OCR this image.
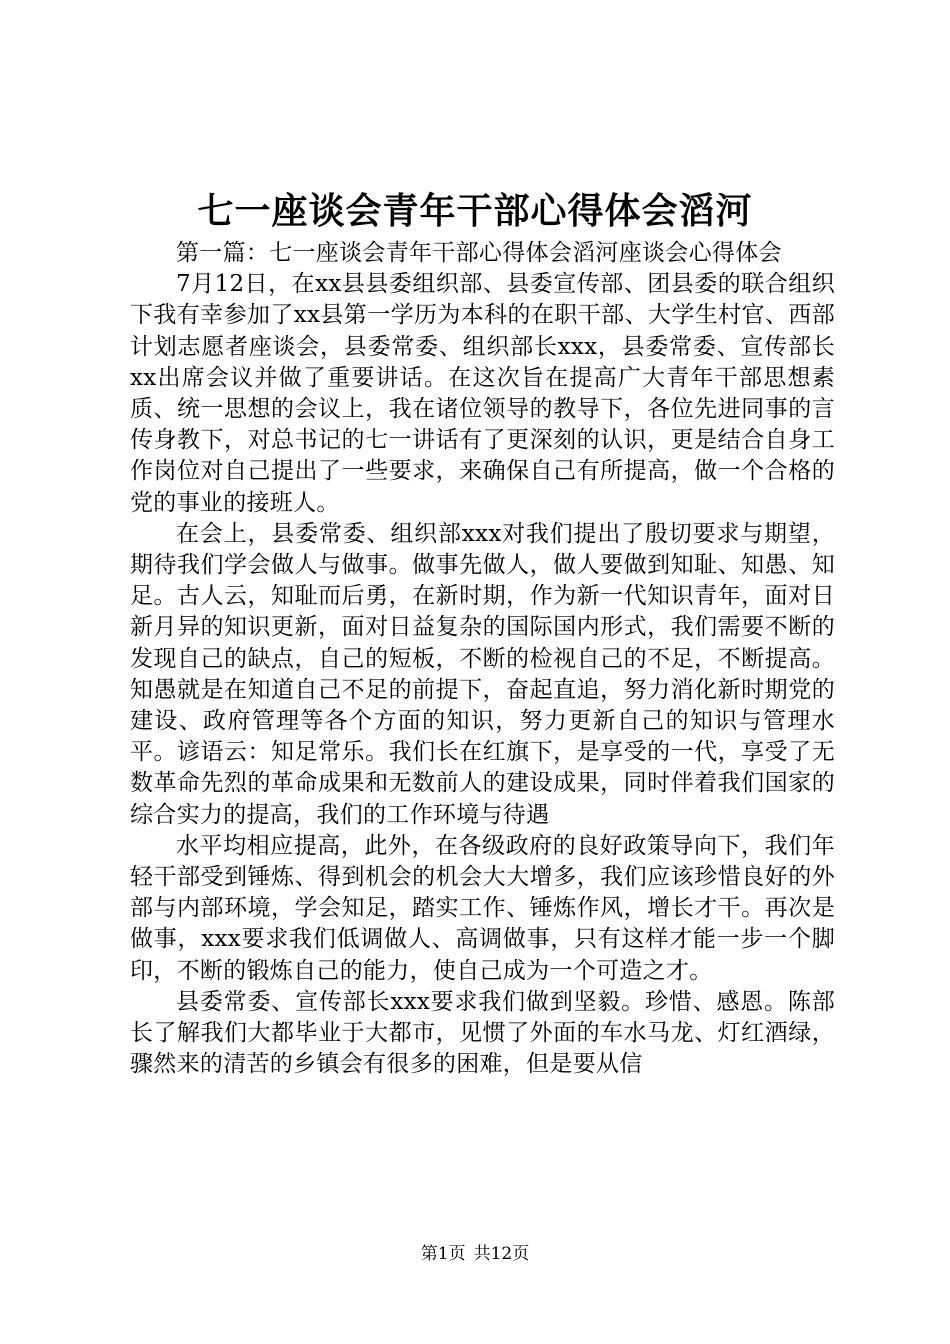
七一座谈会青年干部心得体会滔河

第一篇：七一座谈会青年干部心得体会滔河座谈会心得体会

7月12日，在xx县县委组织部、县委宣传部、团县委的联合组织下我有幸参加了xx县第一学历为本科的在职干部、大学生村官、西部计划志愿者座谈会，县委常委、组织部长xxx，县委常委、宣传部长xx出席会议并做了重要讲话。在这次旨在提高广大青年干部思想素质、统一思想的会议上，我在诸位领导的教导下，各位先进同事的言传身教下，对总书记的七一讲话有了更深刻的认识，更是结合自身工作岗位对自己提出了一些要求，来确保自己有所提高，做一个合格的党的事业的接班人。

在会上，县委常委、组织部xxx对我们提出了殷切要求与期望，期待我们学会做人与做事。做事先做人，做人要做到知耻、知愚、知足。古人云，知耻而后勇，在新时期，作为新一代知识青年，面对日新月异的知识更新，面对日益复杂的国际国内形式，我们需要不断的发现自己的缺点，自己的短板，不断的检视自己的不足，不断提高。知愚就是在知道自己不足的前提下，奋起直追，努力消化新时期党的建设、政府管理等各个方面的知识，努力更新自己的知识与管理水平。谚语云：知足常乐。我们长在红旗下，是享受的一代，享受了无数革命先烈的革命成果和无数前人的建设成果，同时伴着我们国家的综合实力的提高，我们的工作环境与待遇

水平均相应提高，此外，在各级政府的良好政策导向下，我们年轻干部受到锤炼、得到机会的机会大大增多，我们应该珍惜良好的外部与内部环境，学会知足，踏实工作、锤炼作风，增长才干。再次是做事，xxx要求我们低调做人、高调做事，只有这样才能一步一个脚印，不断的锻炼自己的能力，使自己成为一个可造之才。

县委常委、宣传部长xxx要求我们做到坚毅。珍惜、感恩。陈部长了解我们大都毕业于大都市，见惯了外面的车水马龙、灯红酒绿，骤然来的清苦的乡镇会有很多的困难，但是要从信

第1页 共12页
